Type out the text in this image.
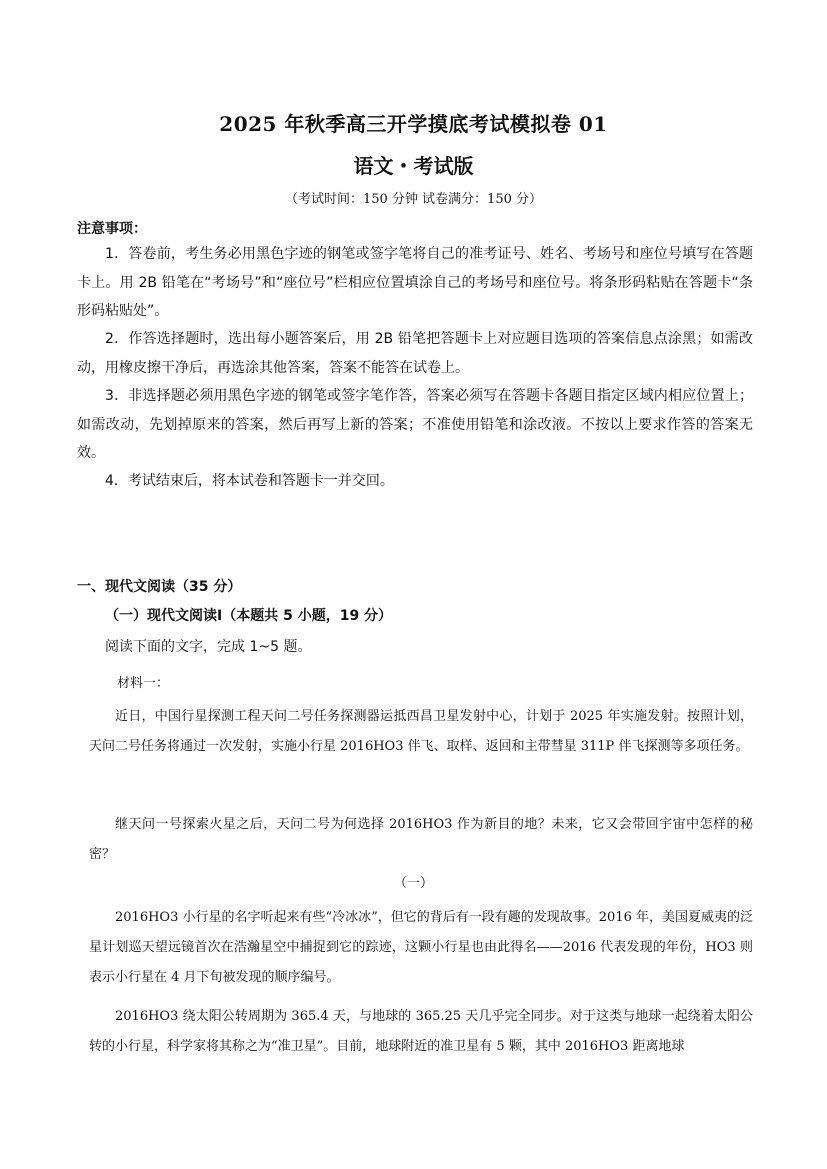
2025 年秋季高三开学摸底考试模拟卷 01
语文・考试版
（考试时间：150 分钟 试卷满分：150 分）
注意事项：
1．答卷前，考生务必用黑色字迹的钢笔或签字笔将自己的准考证号、姓名、考场号和座位号填写在答题卡上。用 2B 铅笔在“考场号”和“座位号”栏相应位置填涂自己的考场号和座位号。将条形码粘贴在答题卡“条形码粘贴处”。
2．作答选择题时，选出每小题答案后，用 2B 铅笔把答题卡上对应题目选项的答案信息点涂黑；如需改动，用橡皮擦干净后，再选涂其他答案，答案不能答在试卷上。
3．非选择题必须用黑色字迹的钢笔或签字笔作答，答案必须写在答题卡各题目指定区域内相应位置上；如需改动，先划掉原来的答案，然后再写上新的答案；不准使用铅笔和涂改液。不按以上要求作答的答案无效。
4．考试结束后，将本试卷和答题卡一并交回。
一、现代文阅读（35 分）
（一）现代文阅读Ⅰ（本题共 5 小题，19 分）
阅读下面的文字，完成 1~5 题。
材料一：
近日，中国行星探测工程天问二号任务探测器运抵西昌卫星发射中心，计划于 2025 年实施发射。按照计划，天问二号任务将通过一次发射，实施小行星 2016HO3 伴飞、取样、返回和主带彗星 311P 伴飞探测等多项任务。
继天问一号探索火星之后，天问二号为何选择 2016HO3 作为新目的地？未来，它又会带回宇宙中怎样的秘密？
（一）
2016HO3 小行星的名字听起来有些“冷冰冰”，但它的背后有一段有趣的发现故事。2016 年，美国夏威夷的泛星计划巡天望远镜首次在浩瀚星空中捕捉到它的踪迹，这颗小行星也由此得名——2016 代表发现的年份，HO3 则表示小行星在 4 月下旬被发现的顺序编号。
2016HO3 绕太阳公转周期为 365.4 天，与地球的 365.25 天几乎完全同步。对于这类与地球一起绕着太阳公转的小行星，科学家将其称之为“准卫星”。目前，地球附近的准卫星有 5 颗，其中 2016HO3 距离地球
